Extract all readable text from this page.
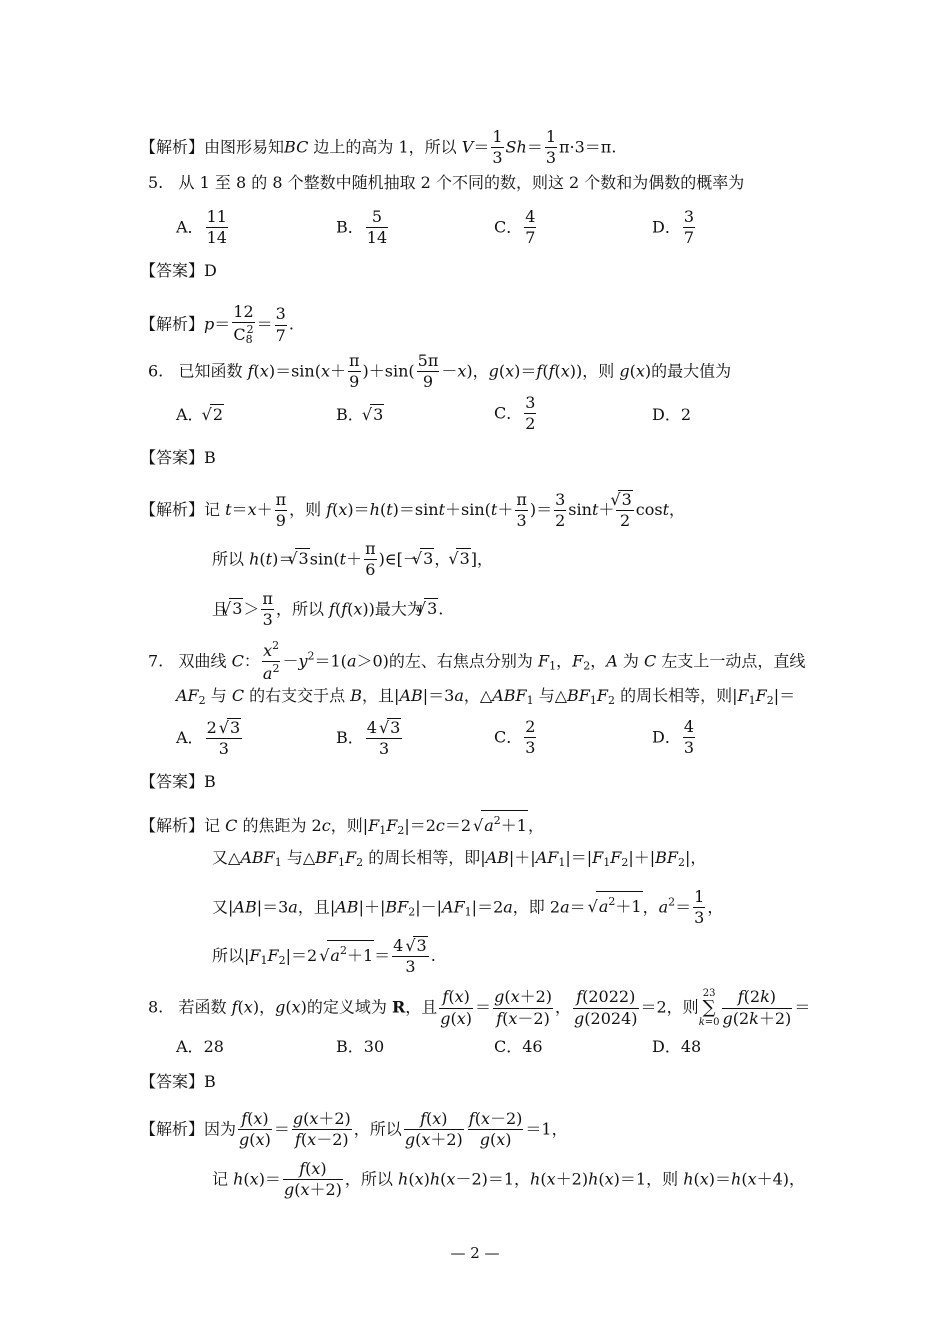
【解析】由图形易知BC 边上的高为 1，所以 $V= \frac{1}{3} Sh= \frac{1}{3} \pi\cdot 3=\pi$.
5. 从 1 至 8 的 8 个整数中随机抽取 2 个不同的数，则这 2 个数和为偶数的概率为
A． $\frac{11}{14}$	B． $\frac{5}{14}$	C． $\frac{4}{7}$	D． $\frac{3}{7}$
【答案】D
【解析】$p= \frac{12}{C_8^2} = \frac{3}{7}$ .
6. 已知函数 $f(x)=\sin(x+ \frac{\pi}{9} )+\sin( \frac{5\pi}{9} -x)$，g(x)＝f(f(x))，则 g(x)的最大值为
A． √ 2	B． √ 3	C． $\frac{3}{2}$	D．2
【答案】B
【解析】记 $t=x+ \frac{\pi}{9}$ ，则 $f(x)=h(t)=\sin t+\sin(t+ \frac{\pi}{3}$ )＝ $\frac{3}{2} \sin t+$
√ $\frac{3}{2}$ cost，
所以 h(t)＝√ $3\sin(t+ \frac{\pi}{6}$ )∈[－√ 3， √ 3]，
且√ $3> \frac{\pi}{3}$ ，所以 f(f(x))最大为√ 3.
7. 双曲线 C： $\frac{x^2}{a^2} -y^2=1(a>0)$的左、右焦点分别为 $F_1$，$F_2$，A 为 C 左支上一动点，直线
$AF_2$ 与 C 的右支交于点 B，且|AB|＝3a，$\triangle ABF_1$ 与$\triangle BF_1F_2$ 的周长相等，则$|F_1F_2|=$
A． $\frac{2√ 3}{3}$	B． $\frac{4√ 3}{3}$	C． $\frac{2}{3}$	D． $\frac{4}{3}$
【答案】B
【解析】记 C 的焦距为 2c，则$|F_1F_2|=2c=2√$ $a^2+1$，
又$\triangle ABF_1$ 与$\triangle BF_1F_2$ 的周长相等，即$|AB|+|AF_1|=|F_1F_2|+|BF_2|$，
又|AB|＝3a，且$|AB|+|BF_2|-|AF_1|=2a$，即 2a＝√ $a^2+1$，$a^2= \frac{1}{3}$ ，
所以$|F_1F_2|=2√$ $a^2+1= \frac{4√ 3}{3}$ .
8. 若函数 f(x)，g(x)的定义域为 R，且 $\frac{f(x)}{g(x)} = \frac{g(x+2)}{f(x-2)}$ ， $\frac{f(2022)}{g(2024)} =2$，则
23
∑
$k=0 \frac{f(2k)}{g(2k+2)}$ ＝
A．28	B．30	C．46	D．48
【答案】B
【解析】因为 $\frac{f(x)}{g(x)} = \frac{g(x+2)}{f(x-2)}$ ，所以 $\frac{f(x)}{g(x+2)} \frac{f(x-2)}{g(x)} =1$，
记 $h(x)= \frac{f(x)}{g(x+2)}$ ，所以 h(x)h(x－2)＝1，h(x＋2)h(x)＝1，则 h(x)＝h(x＋4)，
— 2 —
